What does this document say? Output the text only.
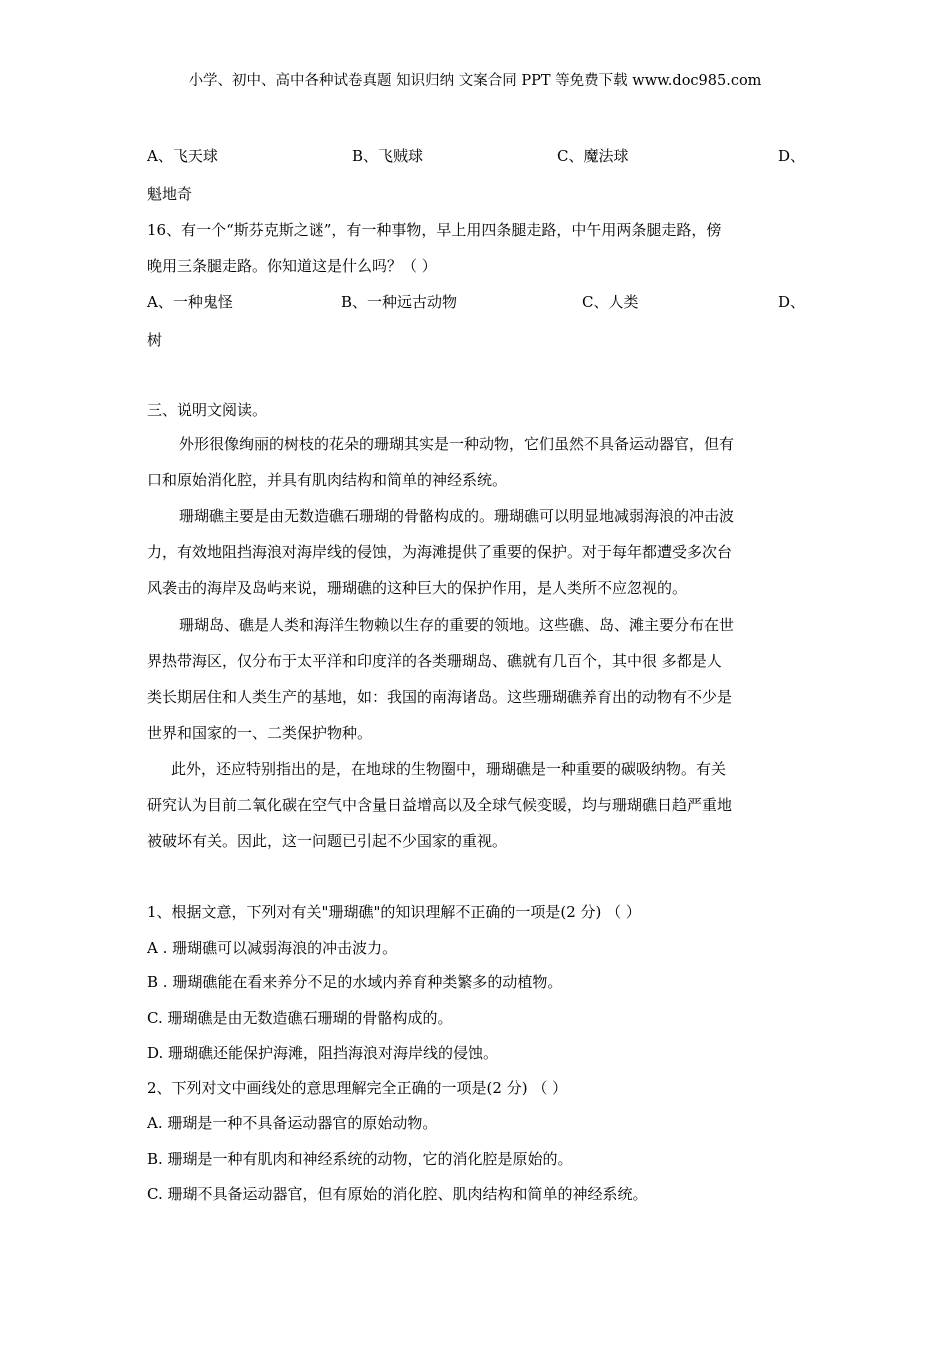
小学、初中、高中各种试卷真题 知识归纳 文案合同 PPT 等免费下载 www.doc985.com
A、飞天球	B、飞贼球	C、魔法球	D、
魁地奇
16、有一个“斯芬克斯之谜”，有一种事物，早上用四条腿走路，中午用两条腿走路，傍
晚用三条腿走路。你知道这是什么吗？（ ）
A、一种鬼怪	B、一种远古动物	C、人类	D、
树
三、说明文阅读。
外形很像绚丽的树枝的花朵的珊瑚其实是一种动物，它们虽然不具备运动器官，但有
口和原始消化腔，并具有肌肉结构和简单的神经系统。
珊瑚礁主要是由无数造礁石珊瑚的骨骼构成的。珊瑚礁可以明显地减弱海浪的冲击波
力，有效地阻挡海浪对海岸线的侵蚀，为海滩提供了重要的保护。对于每年都遭受多次台
风袭击的海岸及岛屿来说，珊瑚礁的这种巨大的保护作用，是人类所不应忽视的。
珊瑚岛、礁是人类和海洋生物赖以生存的重要的领地。这些礁、岛、滩主要分布在世
界热带海区，仅分布于太平洋和印度洋的各类珊瑚岛、礁就有几百个，其中很 多都是人
类长期居住和人类生产的基地，如：我国的南海诸岛。这些珊瑚礁养育出的动物有不少是
世界和国家的一、二类保护物种。
此外，还应特别指出的是，在地球的生物圈中，珊瑚礁是一种重要的碳吸纳物。有关
研究认为目前二氧化碳在空气中含量日益增高以及全球气候变暖，均与珊瑚礁日趋严重地
被破坏有关。因此，这一问题已引起不少国家的重视。
1、根据文意，下列对有关"珊瑚礁"的知识理解不正确的一项是(2 分) （ ）
A . 珊瑚礁可以减弱海浪的冲击波力。
B . 珊瑚礁能在看来养分不足的水域内养育种类繁多的动植物。
C. 珊瑚礁是由无数造礁石珊瑚的骨骼构成的。
D. 珊瑚礁还能保护海滩，阻挡海浪对海岸线的侵蚀。
2、下列对文中画线处的意思理解完全正确的一项是(2 分) （ ）
A. 珊瑚是一种不具备运动器官的原始动物。
B. 珊瑚是一种有肌肉和神经系统的动物，它的消化腔是原始的。
C. 珊瑚不具备运动器官，但有原始的消化腔、肌肉结构和简单的神经系统。
